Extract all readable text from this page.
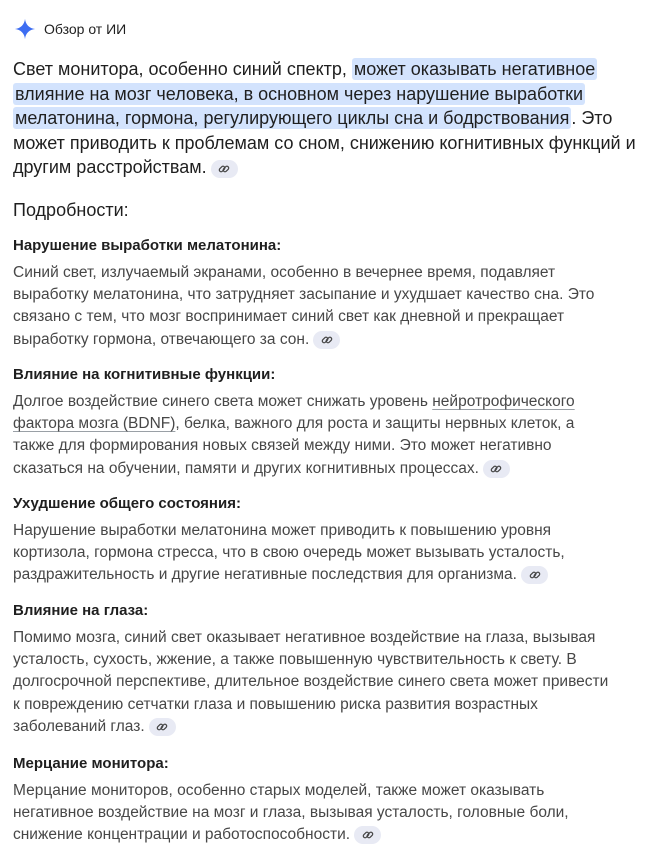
Обзор от ИИ
Свет монитора, особенно синий спектр, может оказывать негативное влияние на мозг человека, в основном через нарушение выработки мелатонина, гормона, регулирующего циклы сна и бодрствования . Это может приводить к проблемам со сном, снижению когнитивных функций и другим расстройствам.
Подробности:
Нарушение выработки мелатонина:

Синий свет, излучаемый экранами, особенно в вечернее время, подавляет выработку мелатонина, что затрудняет засыпание и ухудшает качество сна. Это связано с тем, что мозг воспринимает синий свет как дневной и прекращает выработку гормона, отвечающего за сон.

Влияние на когнитивные функции:

Долгое воздействие синего света может снижать уровень нейротрофического фактора мозга (BDNF), белка, важного для роста и защиты нервных клеток, а также для формирования новых связей между ними. Это может негативно сказаться на обучении, памяти и других когнитивных процессах.

Ухудшение общего состояния:

Нарушение выработки мелатонина может приводить к повышению уровня кортизола, гормона стресса, что в свою очередь может вызывать усталость, раздражительность и другие негативные последствия для организма.

Влияние на глаза:

Помимо мозга, синий свет оказывает негативное воздействие на глаза, вызывая усталость, сухость, жжение, а также повышенную чувствительность к свету. В долгосрочной перспективе, длительное воздействие синего света может привести к повреждению сетчатки глаза и повышению риска развития возрастных заболеваний глаз.

Мерцание монитора:

Мерцание мониторов, особенно старых моделей, также может оказывать негативное воздействие на мозг и глаза, вызывая усталость, головные боли, снижение концентрации и работоспособности.
